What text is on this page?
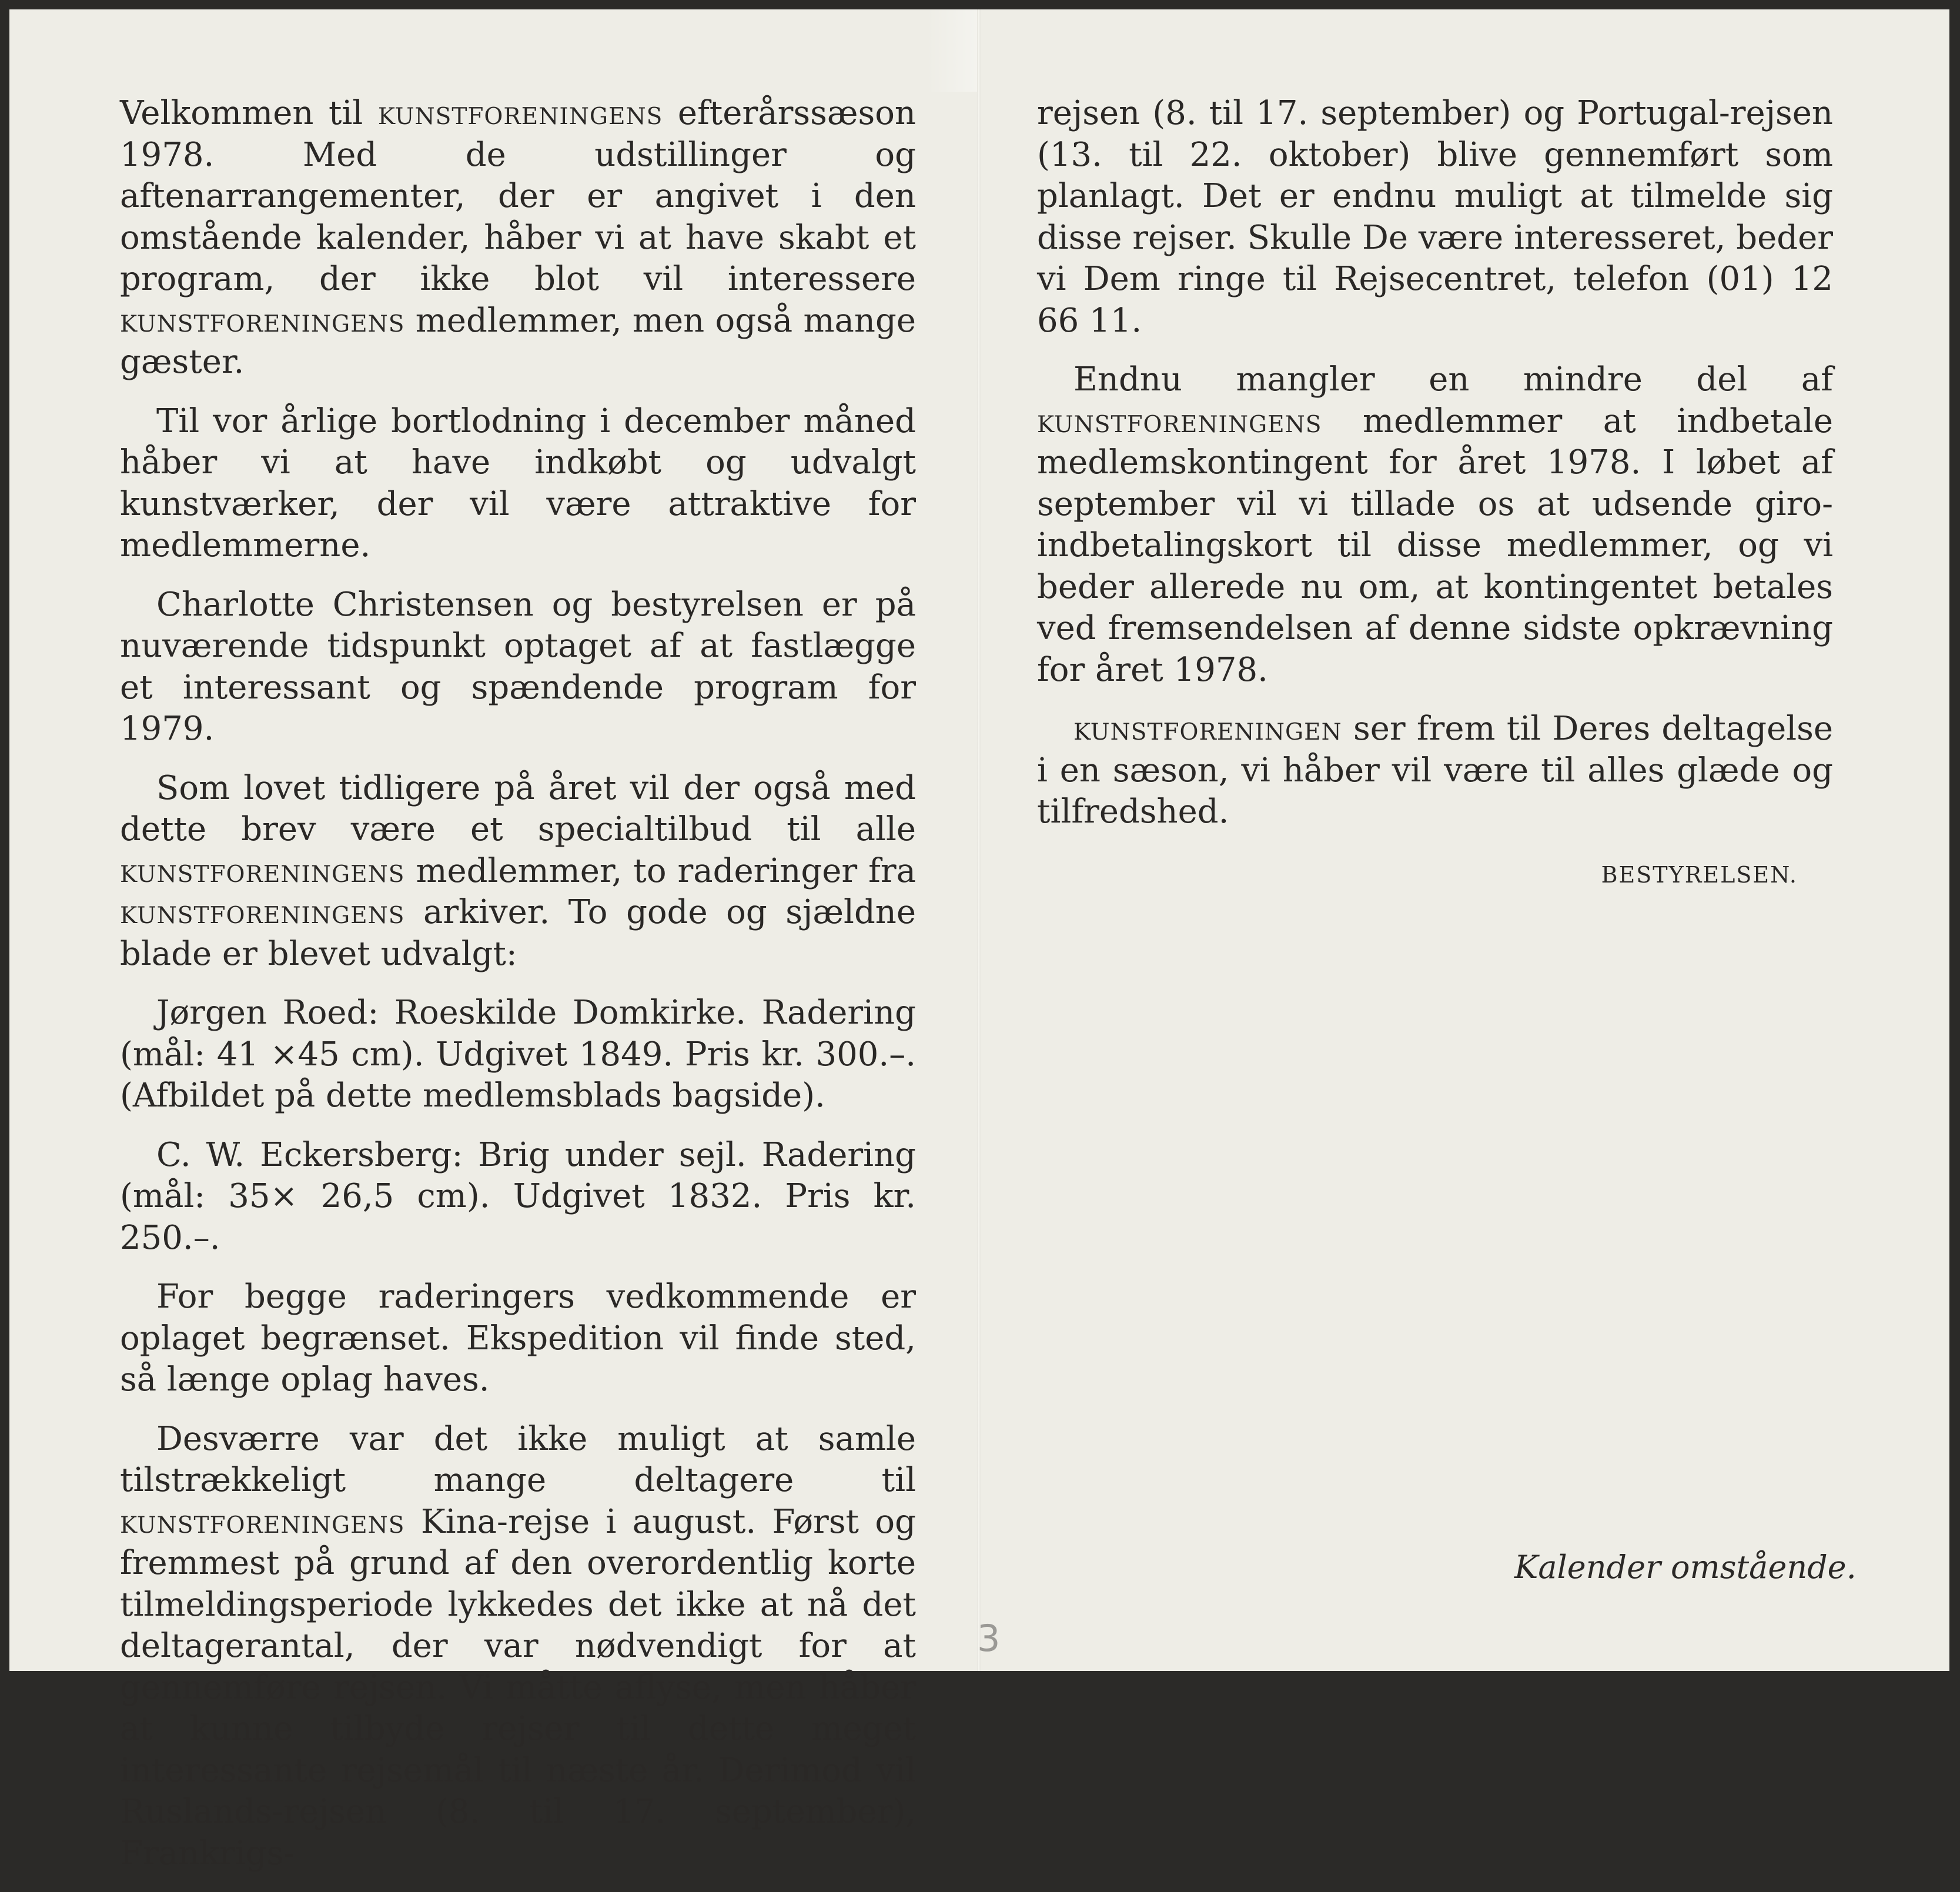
Velkommen til kunstforeningens efterårssæson 1978. Med de udstillinger og aftenarrangementer, der er angivet i den omstående kalender, håber vi at have skabt et program, der ikke blot vil interessere kunstforeningens medlemmer, men også mange gæster.

Til vor årlige bortlodning i december måned håber vi at have indkøbt og udvalgt kunstværker, der vil være attraktive for medlemmerne.

Charlotte Christensen og bestyrelsen er på nuværende tidspunkt optaget af at fastlægge et interessant og spændende program for 1979.

Som lovet tidligere på året vil der også med dette brev være et specialtilbud til alle kunstforeningens medlemmer, to raderinger fra kunstforeningens arkiver. To gode og sjældne blade er blevet udvalgt:

Jørgen Roed: Roeskilde Domkirke. Radering (mål: 41 ×45 cm). Udgivet 1849. Pris kr. 300.–. (Afbildet på dette medlemsblads bagside).

C. W. Eckersberg: Brig under sejl. Radering (mål: 35× 26,5 cm). Udgivet 1832. Pris kr. 250.–.

For begge raderingers vedkommende er oplaget begrænset. Ekspedition vil finde sted, så længe oplag haves.

Desværre var det ikke muligt at samle tilstrækkeligt mange deltagere til kunstforeningens Kina-rejse i august. Først og fremmest på grund af den overordentlig korte tilmeldingsperiode lykkedes det ikke at nå det deltagerantal, der var nødvendigt for at gennemføre rejsen. Vi måtte aflyse, men håber at kunne tilbyde rejser til dette meget interessante rejsemål til næste år. Derimod vil Ruslands-rejsen (8. til 17. september), Frankrigs-

rejsen (8. til 17. september) og Portugal-rejsen (13. til 22. oktober) blive gennemført som planlagt. Det er endnu muligt at tilmelde sig disse rejser. Skulle De være interesseret, beder vi Dem ringe til Rejsecentret, telefon (01) 12 66 11.

Endnu mangler en mindre del af kunstforeningens medlemmer at indbetale medlemskontingent for året 1978. I løbet af september vil vi tillade os at udsende giro-indbetalingskort til disse medlemmer, og vi beder allerede nu om, at kontingentet betales ved fremsendelsen af denne sidste opkrævning for året 1978.

kunstforeningen ser frem til Deres deltagelse i en sæson, vi håber vil være til alles glæde og tilfredshed.

BESTYRELSEN.
Kalender omstående.
3
